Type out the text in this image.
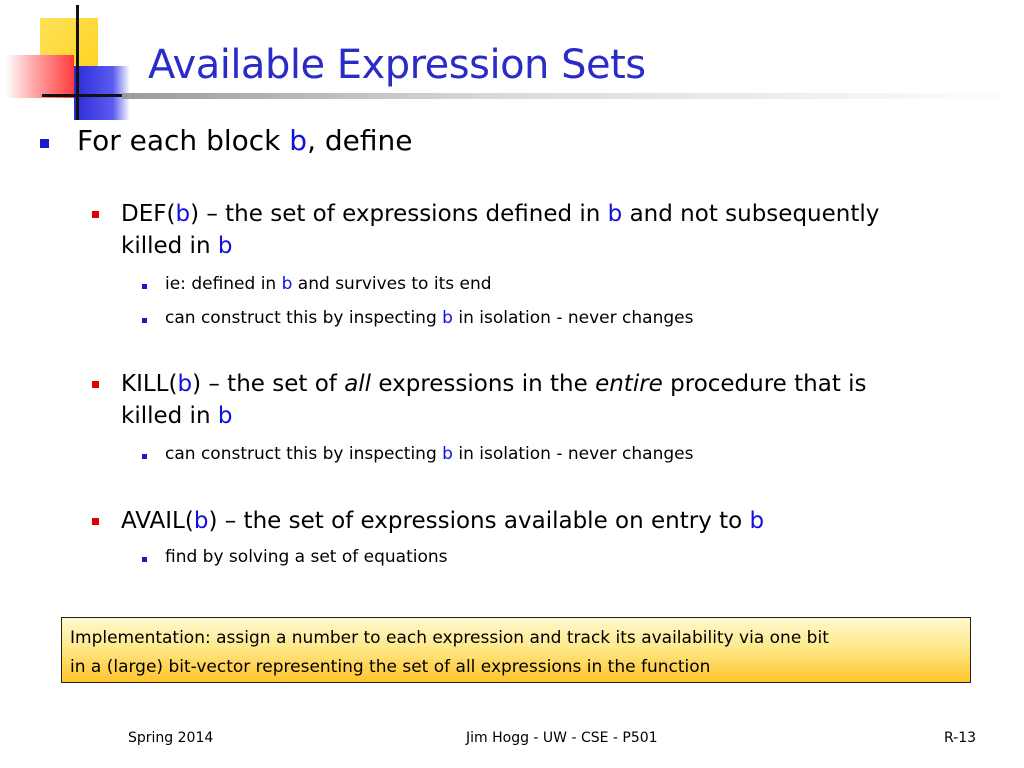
Available Expression Sets
For each block b, define
DEF(b) – the set of expressions defined in b and not subsequently
killed in b
ie: defined in b and survives to its end
can construct this by inspecting b in isolation - never changes
KILL(b) – the set of all expressions in the entire procedure that is
killed in b
can construct this by inspecting b in isolation - never changes
AVAIL(b) – the set of expressions available on entry to b
find by solving a set of equations
Implementation: assign a number to each expression and track its availability via one bit
in a (large) bit-vector representing the set of all expressions in the function
Spring 2014	Jim Hogg - UW - CSE - P501	R-13
